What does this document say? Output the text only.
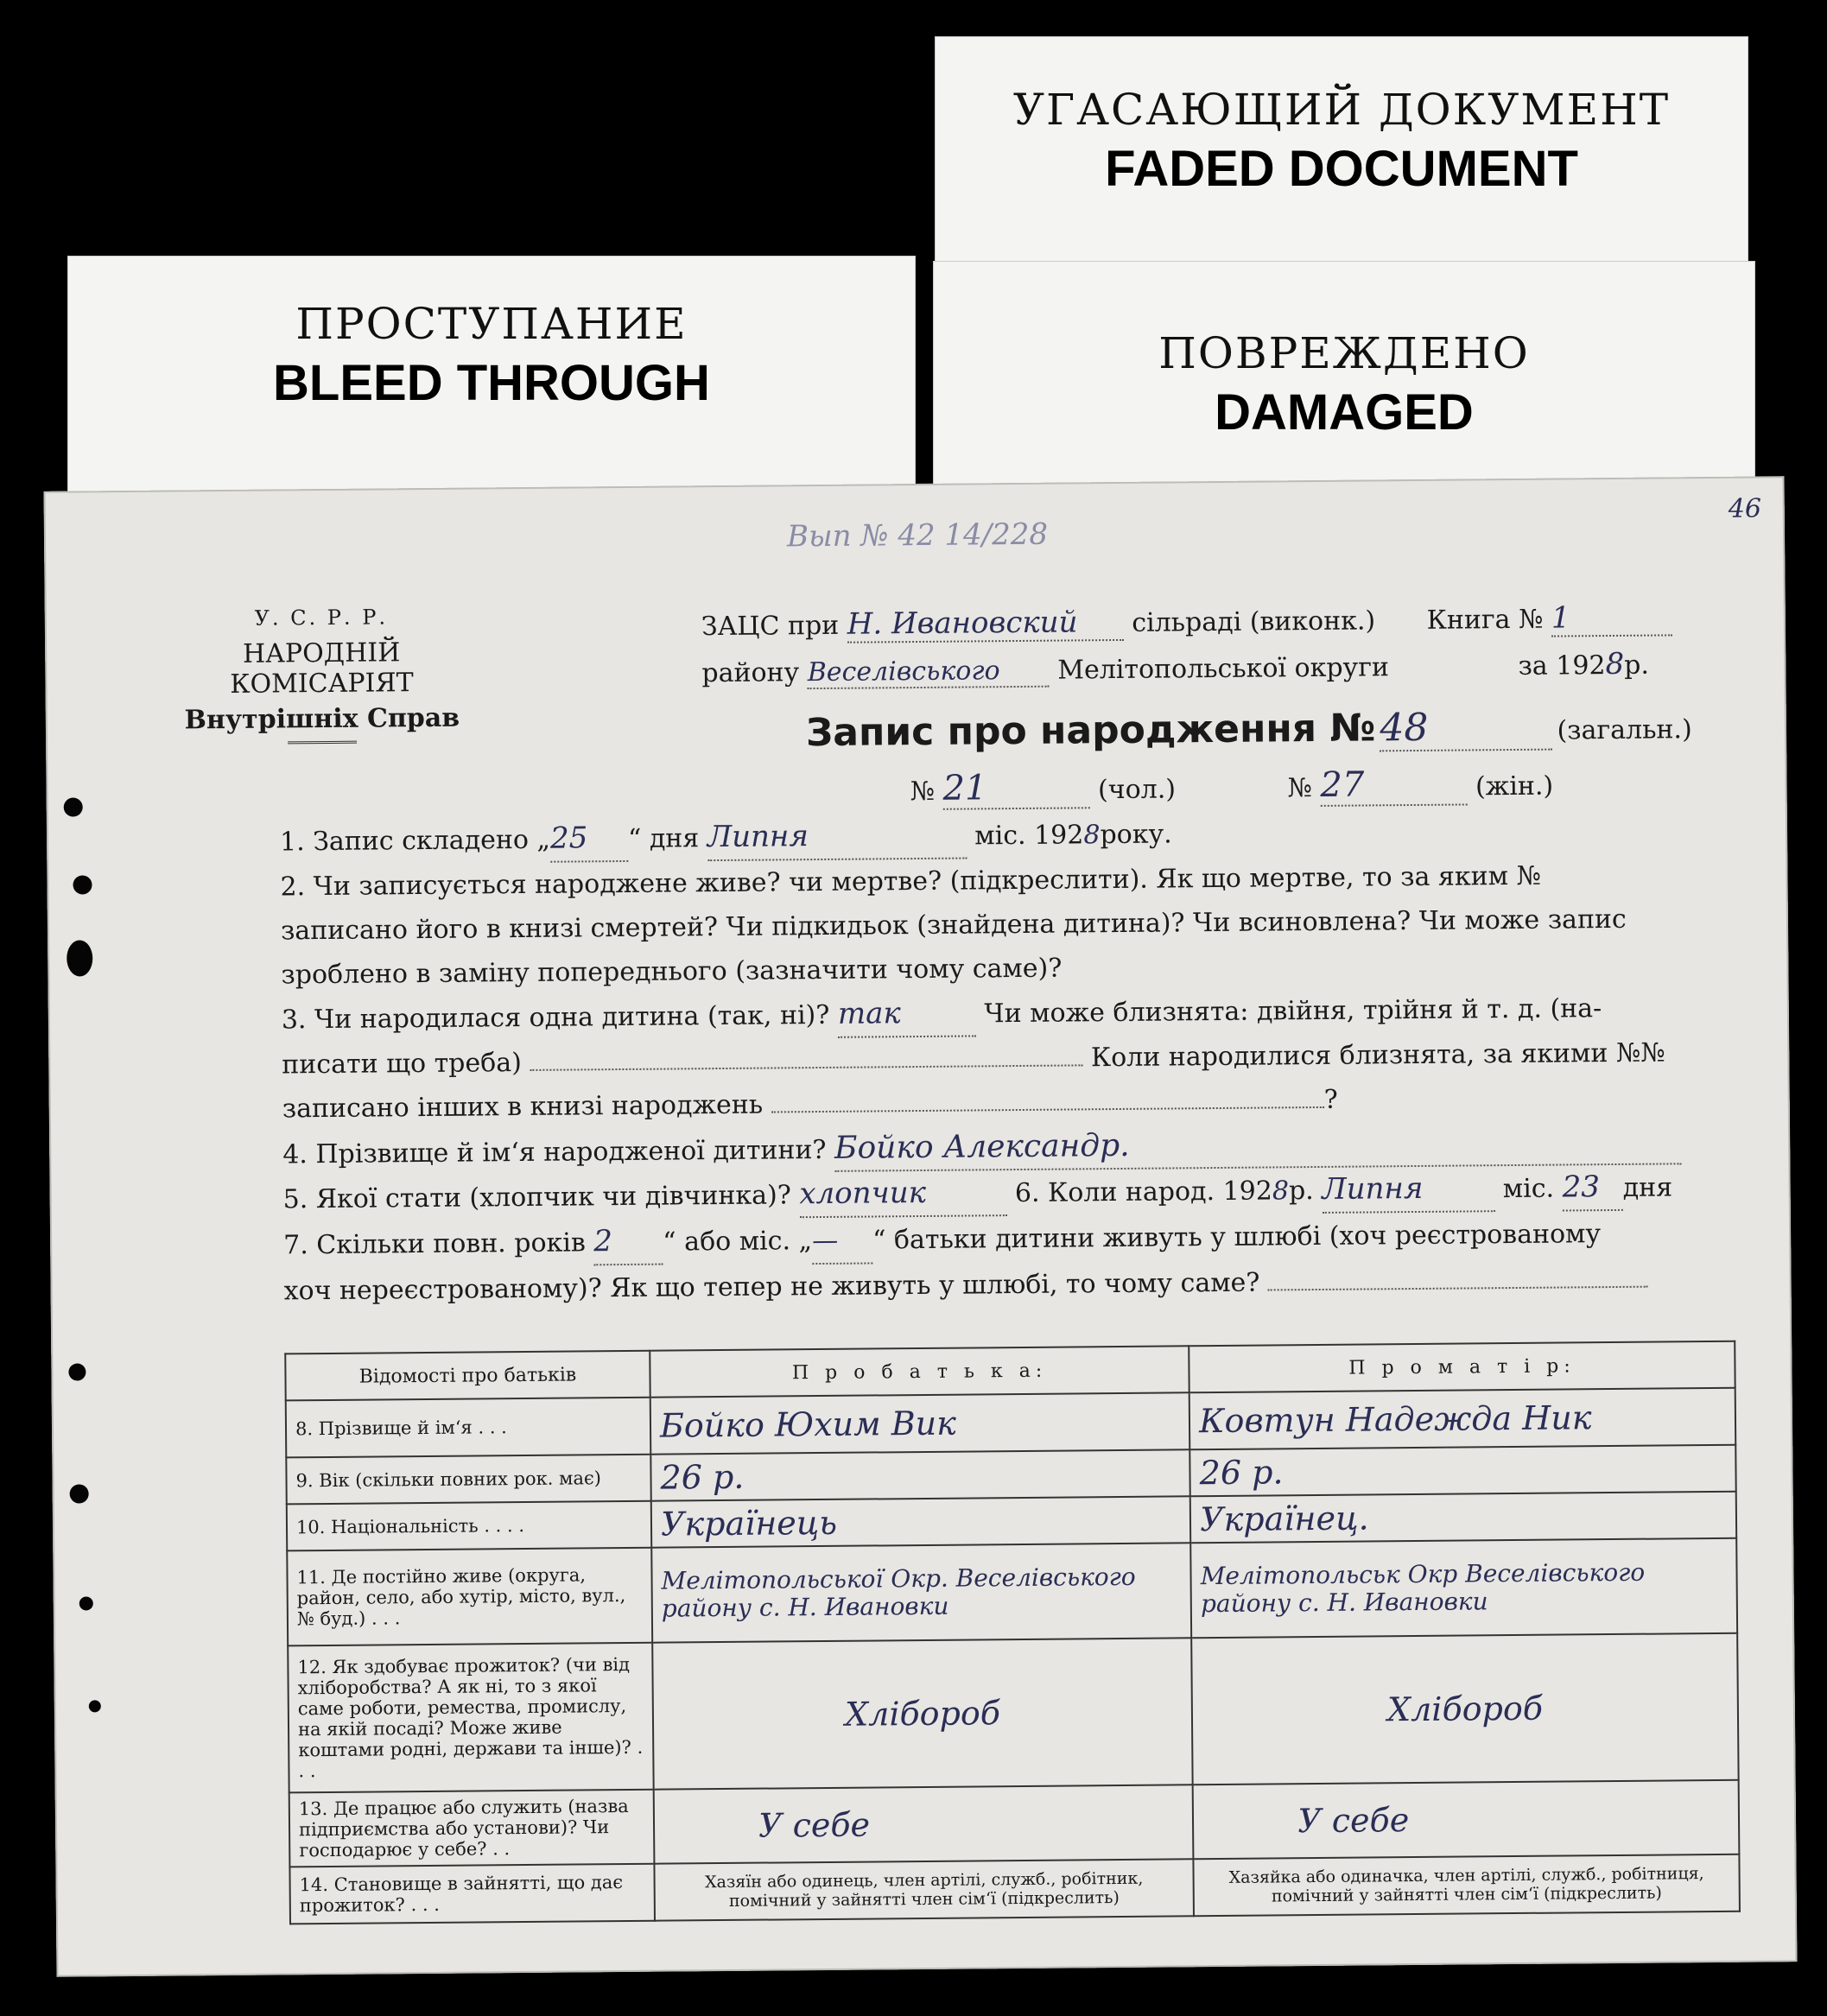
УГАСАЮЩИЙ ДОКУМЕНТ
FADED DOCUMENT
ПРОСТУПАНИЕ
BLEED THROUGH
ПОВРЕЖДЕНО
DAMAGED
46
Вып № 42 14/228
У. С. Р. Р.
НАРОДНІЙ КОМІСАРІЯТ
Внутрішніх Справ
ЗАЦС при Н. Ивановский сільраді (виконк.) Книга № 1
району Веселівського Мелітопольської округи	за 1928р.
Запис про народження № 48	(загальн.)
№ 21	(чол.)	№ 27	(жін.)
1. Запис складено „25 “ дня Липня	міс. 1928року.
2. Чи записується народжене живе? чи мертве? (підкреслити). Як що мертве, то за яким №
записано його в книзі смертей? Чи підкидьок (знайдена дитина)? Чи всиновлена? Чи може запис
зроблено в заміну попереднього (зазначити чому саме)?
3. Чи народилася одна дитина (так, ні)? так	Чи може близнята: двійня, трійня й т. д. (на-
писати що треба)	Коли народилися близнята, за якими №№
записано інших в книзі народжень	?
4. Прізвище й ім‘я народженої дитини? Бойко Александр.
5. Якої стати (хлопчик чи дівчинка)? хлопчик	6. Коли народ. 1928р. Липня	міс. 23 дня
7. Скільки повн. років 2 “ або міс. „— “ батьки дитини живуть у шлюбі (хоч реєстрованому
хоч нереєстрованому)? Як що тепер не живуть у шлюбі, то чому саме?
Відомості про батьків	П р о б а т ь к а:	П р о м а т і р:
8. Прізвище й ім‘я . . .	Бойко Юхим Вик	Ковтун Надежда Ник
9. Вік (скільки повних рок. має)	26 р.	26 р.
10. Національність . . . .	Українець	Українец.
11. Де постійно живе (округа, район, село, або хутір, місто, вул., № буд.) . . .	Мелітопольської Окр. Веселівського району с. Н. Ивановки	Мелітопольськ Окр Веселівського району с. Н. Ивановки
12. Як здобуває прожиток? (чи від хліборобства? А як ні, то з якої саме роботи, ремества, промислу, на якій посаді? Може живе коштами родні, держави та інше)? . . .	Хлібороб	Хлібороб
13. Де працює або служить (назва підприємства або установи)? Чи господарює у себе? . .	У себе	У себе
14. Становище в зайнятті, що дає прожиток? . . .	Хазяїн або одинець, член артілі, служб., робітник, помічний у зайнятті член сім‘ї (підкреслить)	Хазяйка або одиначка, член артілі, служб., робітниця, помічний у зайнятті член сім‘ї (підкреслить)
